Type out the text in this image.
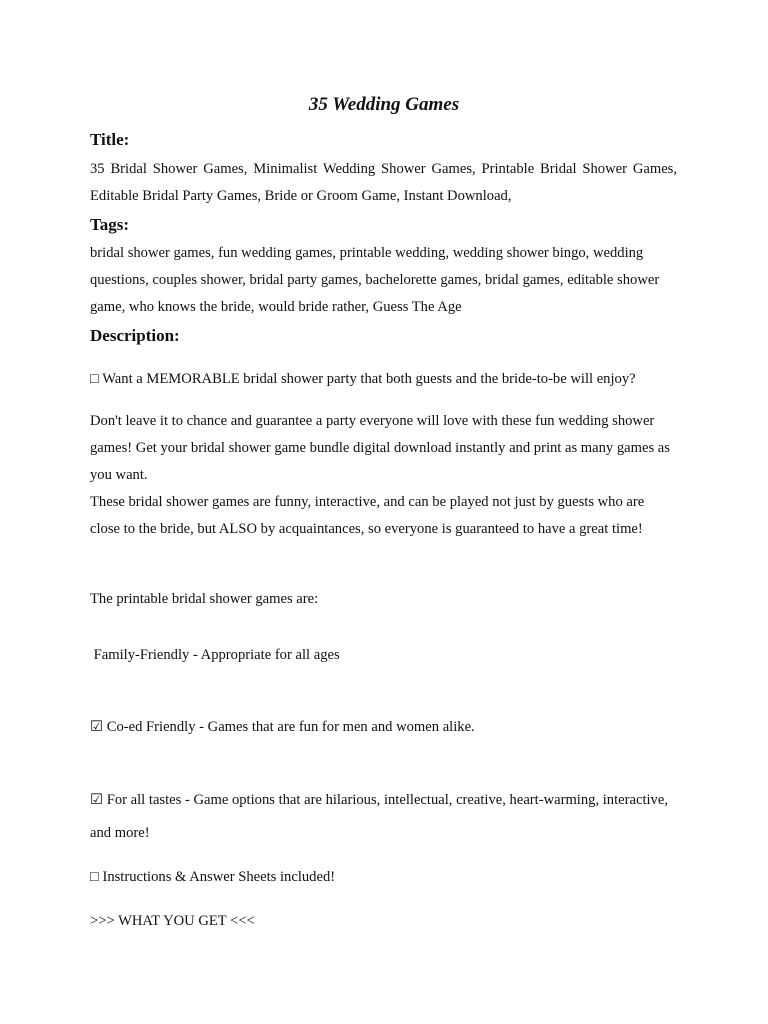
35 Wedding Games
Title:
35 Bridal Shower Games, Minimalist Wedding Shower Games, Printable Bridal Shower Games, Editable Bridal Party Games, Bride or Groom Game, Instant Download,
Tags:
bridal shower games, fun wedding games, printable wedding, wedding shower bingo, wedding questions, couples shower, bridal party games, bachelorette games, bridal games, editable shower game, who knows the bride, would bride rather, Guess The Age
Description:
□ Want a MEMORABLE bridal shower party that both guests and the bride-to-be will enjoy?
Don't leave it to chance and guarantee a party everyone will love with these fun wedding shower games! Get your bridal shower game bundle digital download instantly and print as many games as you want.
These bridal shower games are funny, interactive, and can be played not just by guests who are close to the bride, but ALSO by acquaintances, so everyone is guaranteed to have a great time!
The printable bridal shower games are:
Family-Friendly - Appropriate for all ages
☑ Co-ed Friendly - Games that are fun for men and women alike.
☑ For all tastes - Game options that are hilarious, intellectual, creative, heart-warming, interactive, and more!
□ Instructions & Answer Sheets included!
>>> WHAT YOU GET <<<
